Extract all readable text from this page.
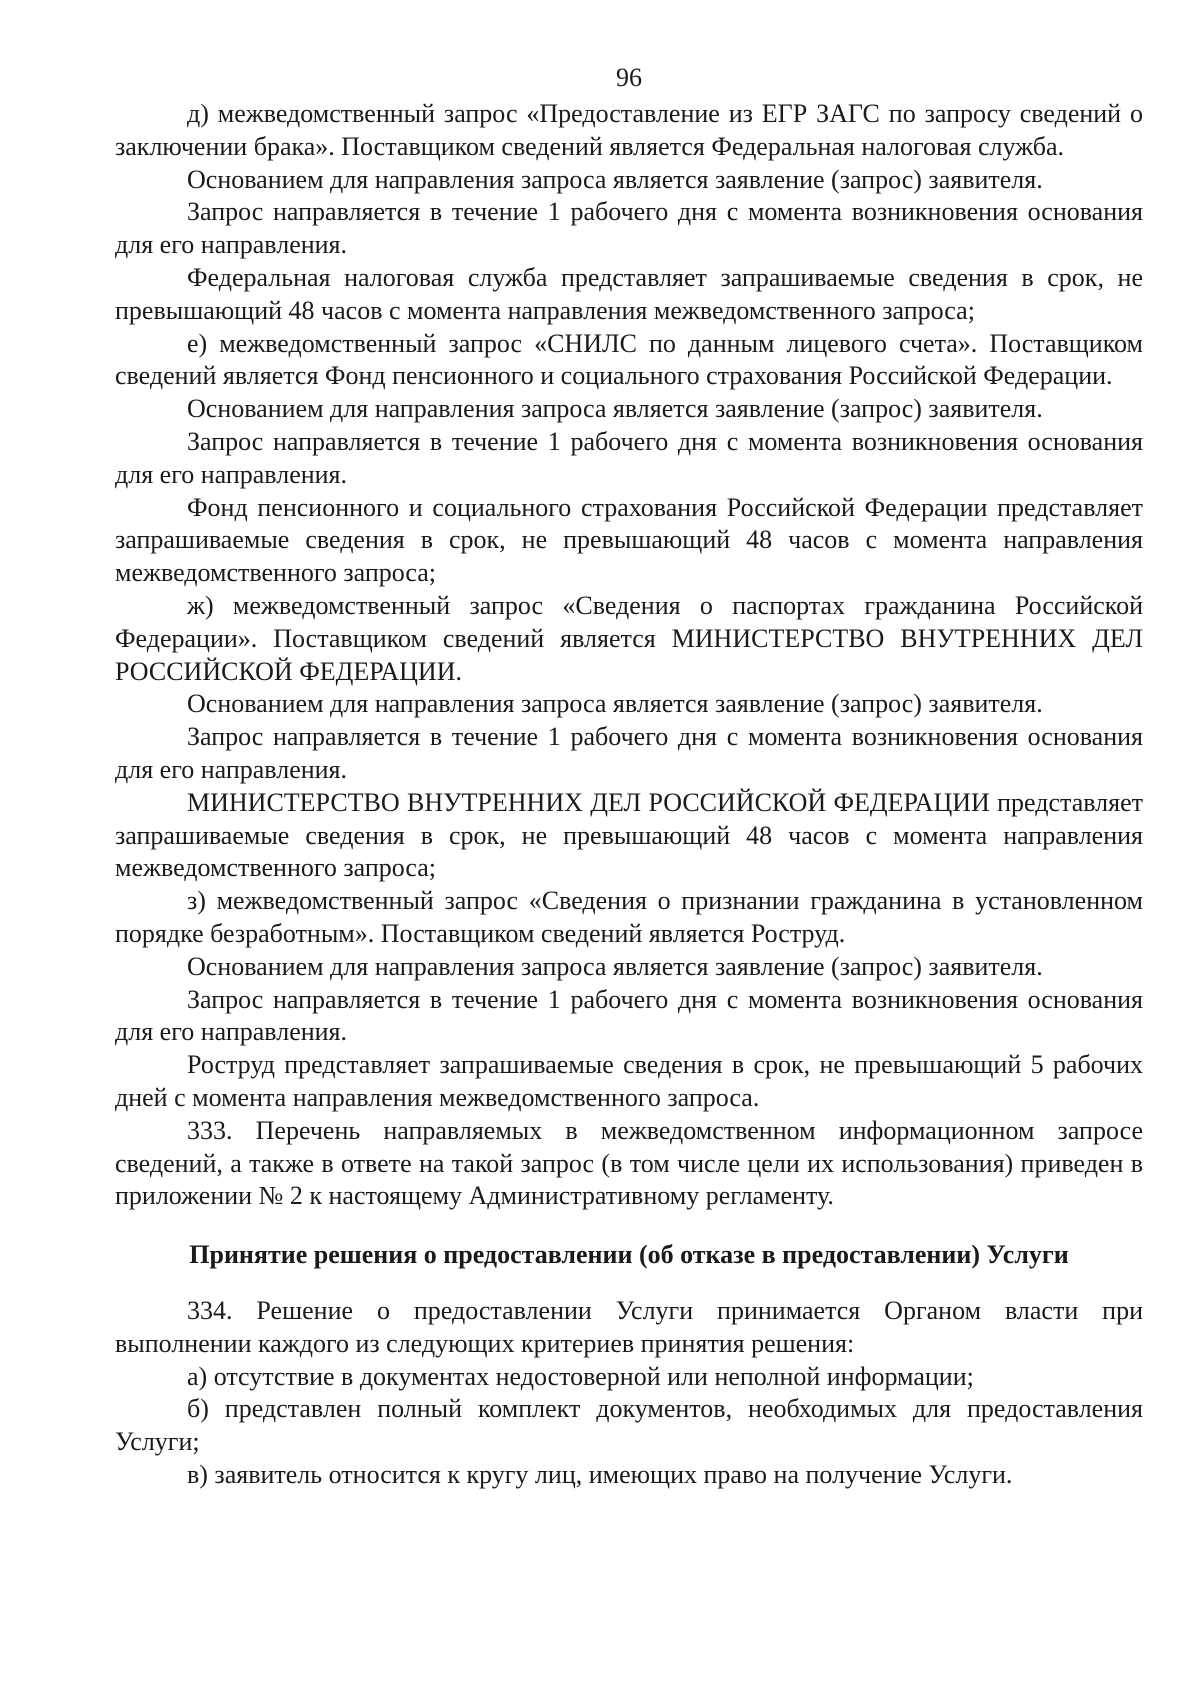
96

д) межведомственный запрос «Предоставление из ЕГР ЗАГС по запросу сведений о заключении брака». Поставщиком сведений является Федеральная налоговая служба.

Основанием для направления запроса является заявление (запрос) заявителя.

Запрос направляется в течение 1 рабочего дня с момента возникновения основания для его направления.

Федеральная налоговая служба представляет запрашиваемые сведения в срок, не превышающий 48 часов с момента направления межведомственного запроса;

е) межведомственный запрос «СНИЛС по данным лицевого счета». Поставщиком сведений является Фонд пенсионного и социального страхования Российской Федерации.

Основанием для направления запроса является заявление (запрос) заявителя.

Запрос направляется в течение 1 рабочего дня с момента возникновения основания для его направления.

Фонд пенсионного и социального страхования Российской Федерации представляет запрашиваемые сведения в срок, не превышающий 48 часов с момента направления межведомственного запроса;

ж) межведомственный запрос «Сведения о паспортах гражданина Российской Федерации». Поставщиком сведений является МИНИСТЕРСТВО ВНУТРЕННИХ ДЕЛ РОССИЙСКОЙ ФЕДЕРАЦИИ.

Основанием для направления запроса является заявление (запрос) заявителя.

Запрос направляется в течение 1 рабочего дня с момента возникновения основания для его направления.

МИНИСТЕРСТВО ВНУТРЕННИХ ДЕЛ РОССИЙСКОЙ ФЕДЕРАЦИИ представляет запрашиваемые сведения в срок, не превышающий 48 часов с момента направления межведомственного запроса;

з) межведомственный запрос «Сведения о признании гражданина в установленном порядке безработным». Поставщиком сведений является Роструд.

Основанием для направления запроса является заявление (запрос) заявителя.

Запрос направляется в течение 1 рабочего дня с момента возникновения основания для его направления.

Роструд представляет запрашиваемые сведения в срок, не превышающий 5 рабочих дней с момента направления межведомственного запроса.

333. Перечень направляемых в межведомственном информационном запросе сведений, а также в ответе на такой запрос (в том числе цели их использования) приведен в приложении № 2 к настоящему Административному регламенту.

Принятие решения о предоставлении (об отказе в предоставлении) Услуги

334. Решение о предоставлении Услуги принимается Органом власти при выполнении каждого из следующих критериев принятия решения:

а) отсутствие в документах недостоверной или неполной информации;

б) представлен полный комплект документов, необходимых для предоставления Услуги;

в) заявитель относится к кругу лиц, имеющих право на получение Услуги.
